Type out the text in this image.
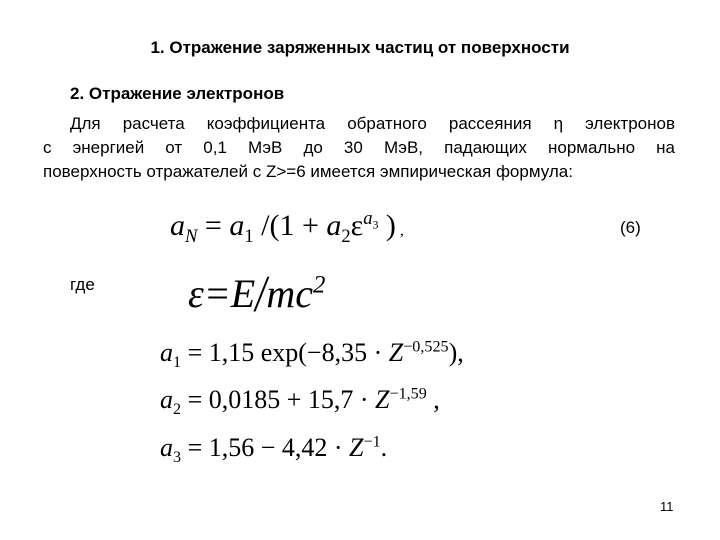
1. Отражение заряженных частиц от поверхности
2. Отражение электронов
Для расчета коэффициента обратного рассеяния η электронов
с энергией от 0,1 МэВ до 30 МэВ, падающих нормально на
поверхность отражателей с Z>=6 имеется эмпирическая формула:
$a_N = a_1$ $/(1 + a_2\varepsilon^{a_3}$ ) ,	(6)
где $\varepsilon=E/mc^2$
$a_1 = 1,15$ $\exp(-8,35 \cdot Z^{-0,525})$,
$a_2 = 0,0185 + 15,7 \cdot Z^{-1,59}$ ,
$a_3 = 1,56 - 4,42 \cdot Z^{-1}$.
11
